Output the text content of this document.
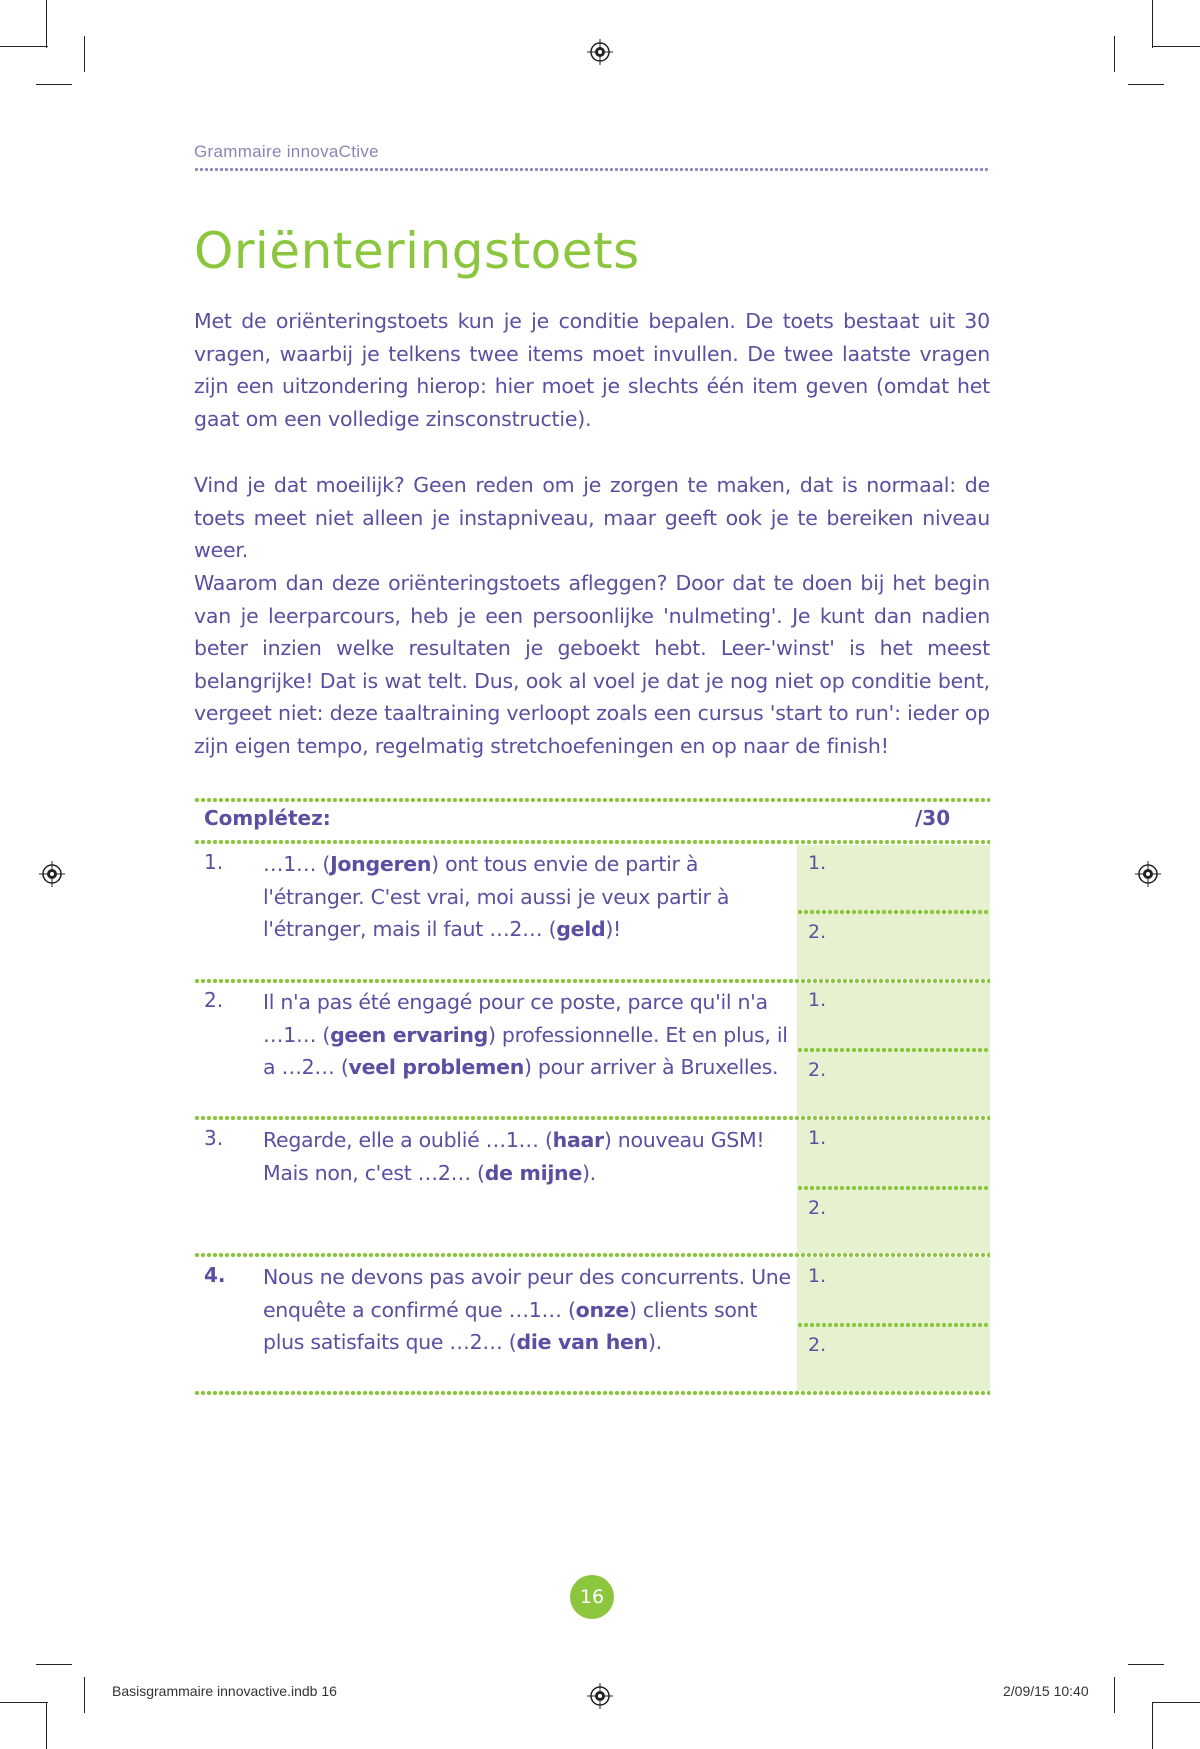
Grammaire innovaCtive
Oriënteringstoets

Met de oriënteringstoets kun je je conditie bepalen. De toets bestaat uit 30 vragen, waarbij je telkens twee items moet invullen. De twee laatste vragen zijn een uitzondering hierop: hier moet je slechts één item geven (omdat het gaat om een volledige zinsconstructie).

Vind je dat moeilijk? Geen reden om je zorgen te maken, dat is normaal: de toets meet niet alleen je instapniveau, maar geeft ook je te bereiken niveau weer.

Waarom dan deze oriënteringstoets afleggen? Door dat te doen bij het begin van je leerparcours, heb je een persoonlijke 'nulmeting'. Je kunt dan nadien beter inzien welke resultaten je geboekt hebt. Leer-'winst' is het meest belangrijke! Dat is wat telt. Dus, ook al voel je dat je nog niet op conditie bent, vergeet niet: deze taaltraining verloopt zoals een cursus 'start to run': ieder op zijn eigen tempo, regelmatig stretchoefeningen en op naar de finish!

Complétez:	/30
1. …1… (Jongeren) ont tous envie de partir à l'étranger. C'est vrai, moi aussi je veux partir à l'étranger, mais il faut …2… (geld)!

1.
2.
2. Il n'a pas été engagé pour ce poste, parce qu'il n'a …1… (geen ervaring) professionnelle. Et en plus, il a …2… (veel problemen) pour arriver à Bruxelles.

1.
2.
3. Regarde, elle a oublié …1… (haar) nouveau GSM! Mais non, c'est …2… (de mijne).

1.
2.
4. Nous ne devons pas avoir peur des concurrents. Une enquête a confirmé que …1… (onze) clients sont plus satisfaits que …2… (die van hen).

1.
2.
16
Basisgrammaire innovactive.indb 16	2/09/15 10:40
